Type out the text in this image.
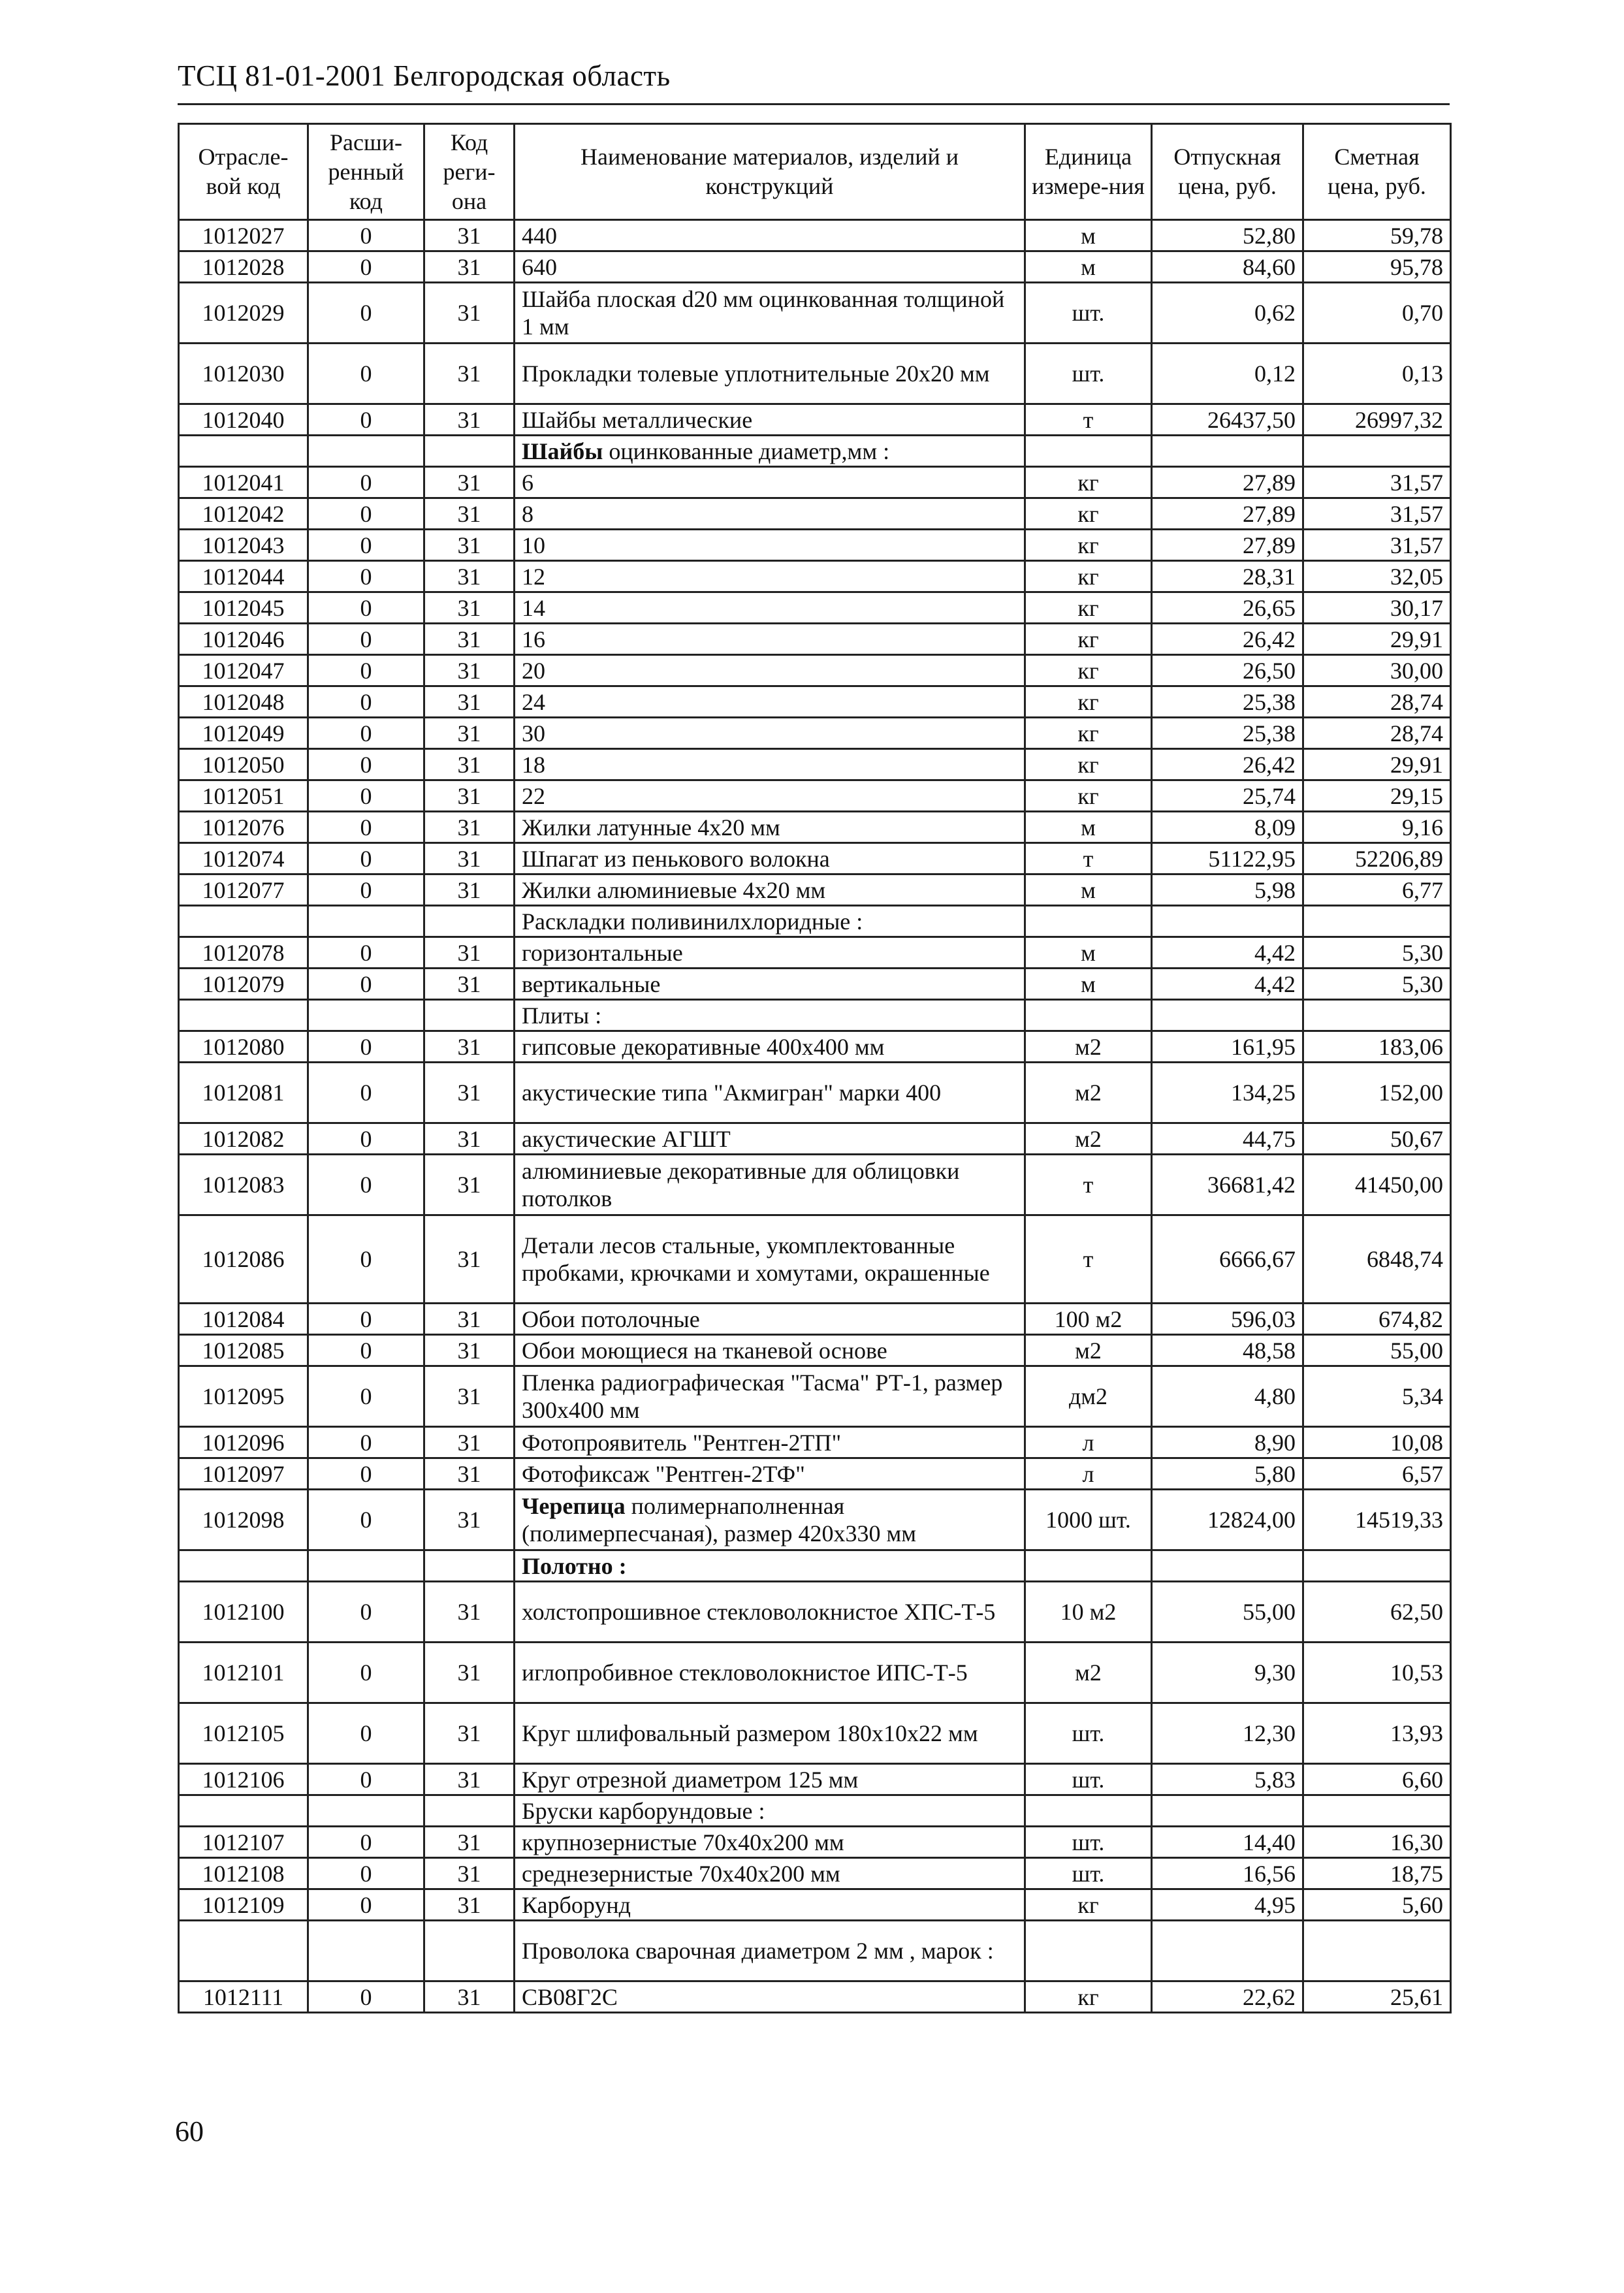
ТСЦ 81-01-2001 Белгородская область
Отрасле-вой код	Расши-ренный код	Код реги-она	Наименование материалов, изделий и конструкций	Единица измере-ния	Отпускная цена, руб.	Сметная цена, руб.
1012027	0	31	440	м	52,80	59,78
1012028	0	31	640	м	84,60	95,78
1012029	0	31	Шайба плоская d20 мм оцинкованная толщиной 1 мм	шт.	0,62	0,70
1012030	0	31	Прокладки толевые уплотнительные 20x20 мм	шт.	0,12	0,13
1012040	0	31	Шайбы металлические	т	26437,50	26997,32
			Шайбы оцинкованные диаметр,мм :			
1012041	0	31	6	кг	27,89	31,57
1012042	0	31	8	кг	27,89	31,57
1012043	0	31	10	кг	27,89	31,57
1012044	0	31	12	кг	28,31	32,05
1012045	0	31	14	кг	26,65	30,17
1012046	0	31	16	кг	26,42	29,91
1012047	0	31	20	кг	26,50	30,00
1012048	0	31	24	кг	25,38	28,74
1012049	0	31	30	кг	25,38	28,74
1012050	0	31	18	кг	26,42	29,91
1012051	0	31	22	кг	25,74	29,15
1012076	0	31	Жилки латунные 4x20 мм	м	8,09	9,16
1012074	0	31	Шпагат из пенькового волокна	т	51122,95	52206,89
1012077	0	31	Жилки алюминиевые 4x20 мм	м	5,98	6,77
			Раскладки поливинилхлоридные :			
1012078	0	31	горизонтальные	м	4,42	5,30
1012079	0	31	вертикальные	м	4,42	5,30
			Плиты :			
1012080	0	31	гипсовые декоративные 400x400 мм	м2	161,95	183,06
1012081	0	31	акустические типа "Акмигран" марки 400	м2	134,25	152,00
1012082	0	31	акустические АГШТ	м2	44,75	50,67
1012083	0	31	алюминиевые декоративные для облицовки потолков	т	36681,42	41450,00
1012086	0	31	Детали лесов стальные, укомплектованные пробками, крючками и хомутами, окрашенные	т	6666,67	6848,74
1012084	0	31	Обои потолочные	100 м2	596,03	674,82
1012085	0	31	Обои моющиеся на тканевой основе	м2	48,58	55,00
1012095	0	31	Пленка радиографическая "Тасма" РТ-1, размер 300x400 мм	дм2	4,80	5,34
1012096	0	31	Фотопроявитель "Рентген-2ТП"	л	8,90	10,08
1012097	0	31	Фотофиксаж "Рентген-2ТФ"	л	5,80	6,57
1012098	0	31	Черепица полимернаполненная (полимерпесчаная), размер 420x330 мм	1000 шт.	12824,00	14519,33
			Полотно :			
1012100	0	31	холстопрошивное стекловолокнистое ХПС-Т-5	10 м2	55,00	62,50
1012101	0	31	иглопробивное стекловолокнистое ИПС-Т-5	м2	9,30	10,53
1012105	0	31	Круг шлифовальный размером 180x10x22 мм	шт.	12,30	13,93
1012106	0	31	Круг отрезной диаметром 125 мм	шт.	5,83	6,60
			Бруски карборундовые :			
1012107	0	31	крупнозернистые 70x40x200 мм	шт.	14,40	16,30
1012108	0	31	среднезернистые 70x40x200 мм	шт.	16,56	18,75
1012109	0	31	Карборунд	кг	4,95	5,60
			Проволока сварочная диаметром 2 мм , марок :			
1012111	0	31	СВ08Г2С	кг	22,62	25,61
60
